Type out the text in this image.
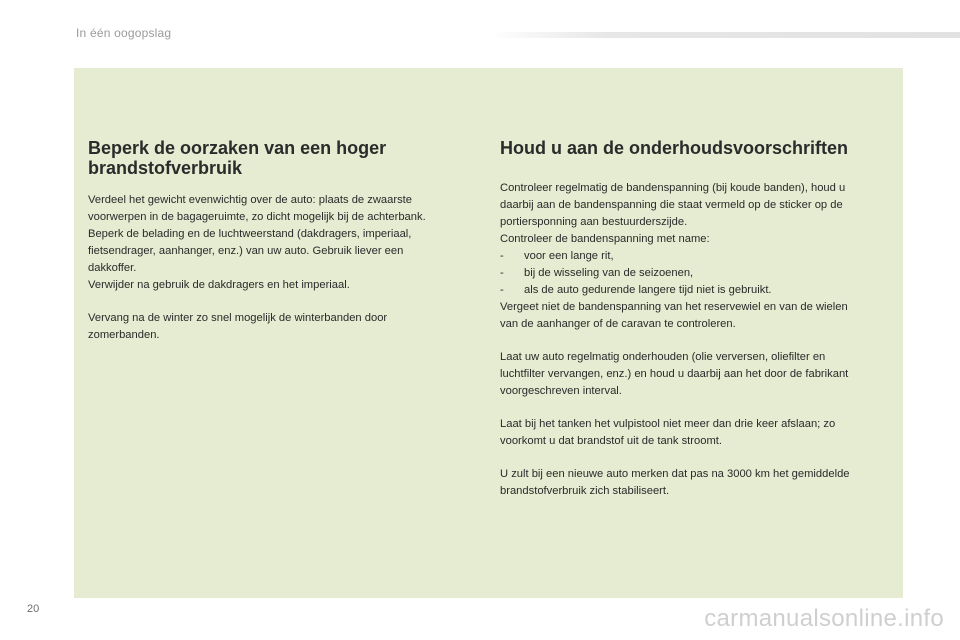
In één oogopslag
Beperk de oorzaken van een hoger brandstofverbruik

Verdeel het gewicht evenwichtig over de auto: plaats de zwaarste
voorwerpen in de bagageruimte, zo dicht mogelijk bij de achterbank.
Beperk de belading en de luchtweerstand (dakdragers, imperiaal,
fietsendrager, aanhanger, enz.) van uw auto. Gebruik liever een
dakkoffer.
Verwijder na gebruik de dakdragers en het imperiaal.

Vervang na de winter zo snel mogelijk de winterbanden door
zomerbanden.

Houd u aan de onderhoudsvoorschriften

Controleer regelmatig de bandenspanning (bij koude banden), houd u
daarbij aan de bandenspanning die staat vermeld op de sticker op de
portiersponning aan bestuurderszijde.
Controleer de bandenspanning met name:
- voor een lange rit,
- bij de wisseling van de seizoenen,
- als de auto gedurende langere tijd niet is gebruikt.
Vergeet niet de bandenspanning van het reservewiel en van de wielen
van de aanhanger of de caravan te controleren.

Laat uw auto regelmatig onderhouden (olie verversen, oliefilter en
luchtfilter vervangen, enz.) en houd u daarbij aan het door de fabrikant
voorgeschreven interval.

Laat bij het tanken het vulpistool niet meer dan drie keer afslaan; zo
voorkomt u dat brandstof uit de tank stroomt.

U zult bij een nieuwe auto merken dat pas na 3000 km het gemiddelde
brandstofverbruik zich stabiliseert.

20	carmanualsonline.info
